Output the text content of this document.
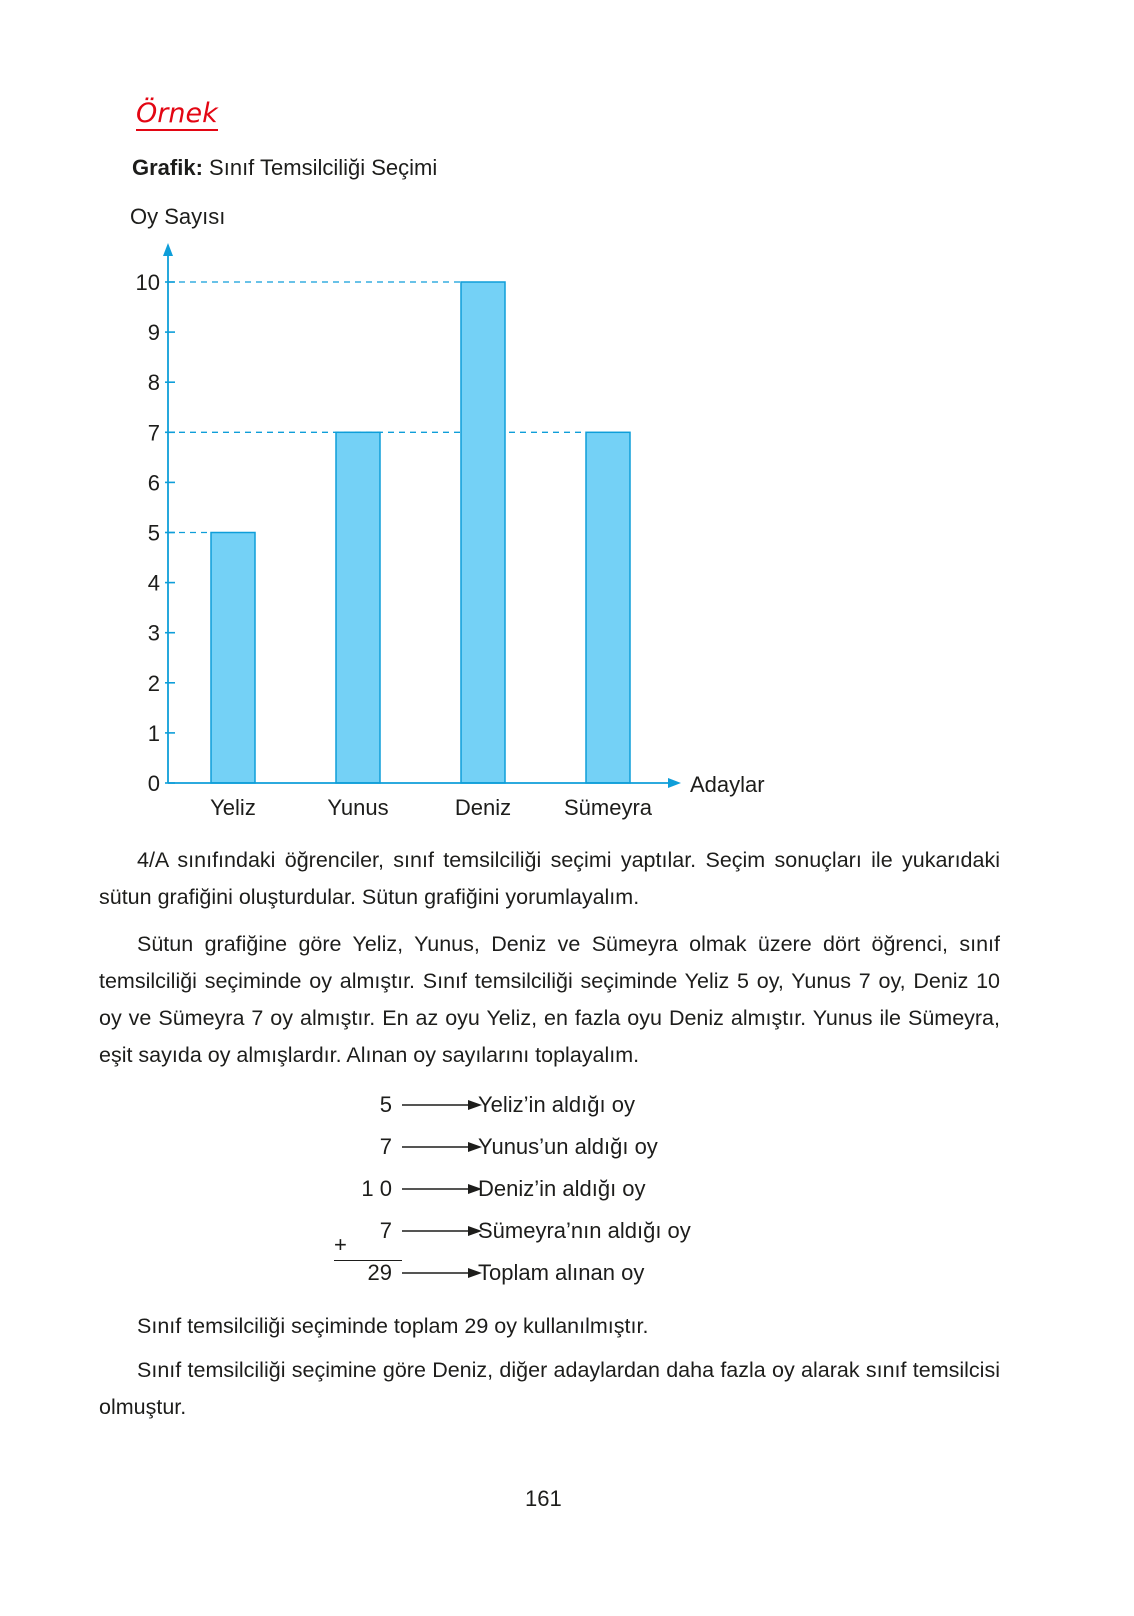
Örnek
Grafik: Sınıf Temsilciliği Seçimi
Oy Sayısı
Yeliz	Yunus	Deniz Sümeyra
Adaylar
0
1
2
3
4
5
6
7
8
9
10

4/A sınıfındaki öğrenciler, sınıf temsilciliği seçimi yaptılar. Seçim sonuçları ile yukarıdaki sütun grafiğini oluşturdular. Sütun grafiğini yorumlayalım.

Sütun grafiğine göre Yeliz, Yunus, Deniz ve Sümeyra olmak üzere dört öğrenci, sınıf temsilciliği seçiminde oy almıştır. Sınıf temsilciliği seçiminde Yeliz 5 oy, Yunus 7 oy, Deniz 10 oy ve Sümeyra 7 oy almıştır. En az oyu Yeliz, en fazla oyu Deniz almıştır. Yunus ile Sümeyra, eşit sayıda oy almışlardır. Alınan oy sayılarını toplayalım.

5
7
1 0
7
29
Yeliz’in aldığı oy
Yunus’un aldığı oy
Deniz’in aldığı oy
Sümeyra’nın aldığı oy
Toplam alınan oy
+

Sınıf temsilciliği seçiminde toplam 29 oy kullanılmıştır.

Sınıf temsilciliği seçimine göre Deniz, diğer adaylardan daha fazla oy alarak sınıf temsilcisi olmuştur.

161
